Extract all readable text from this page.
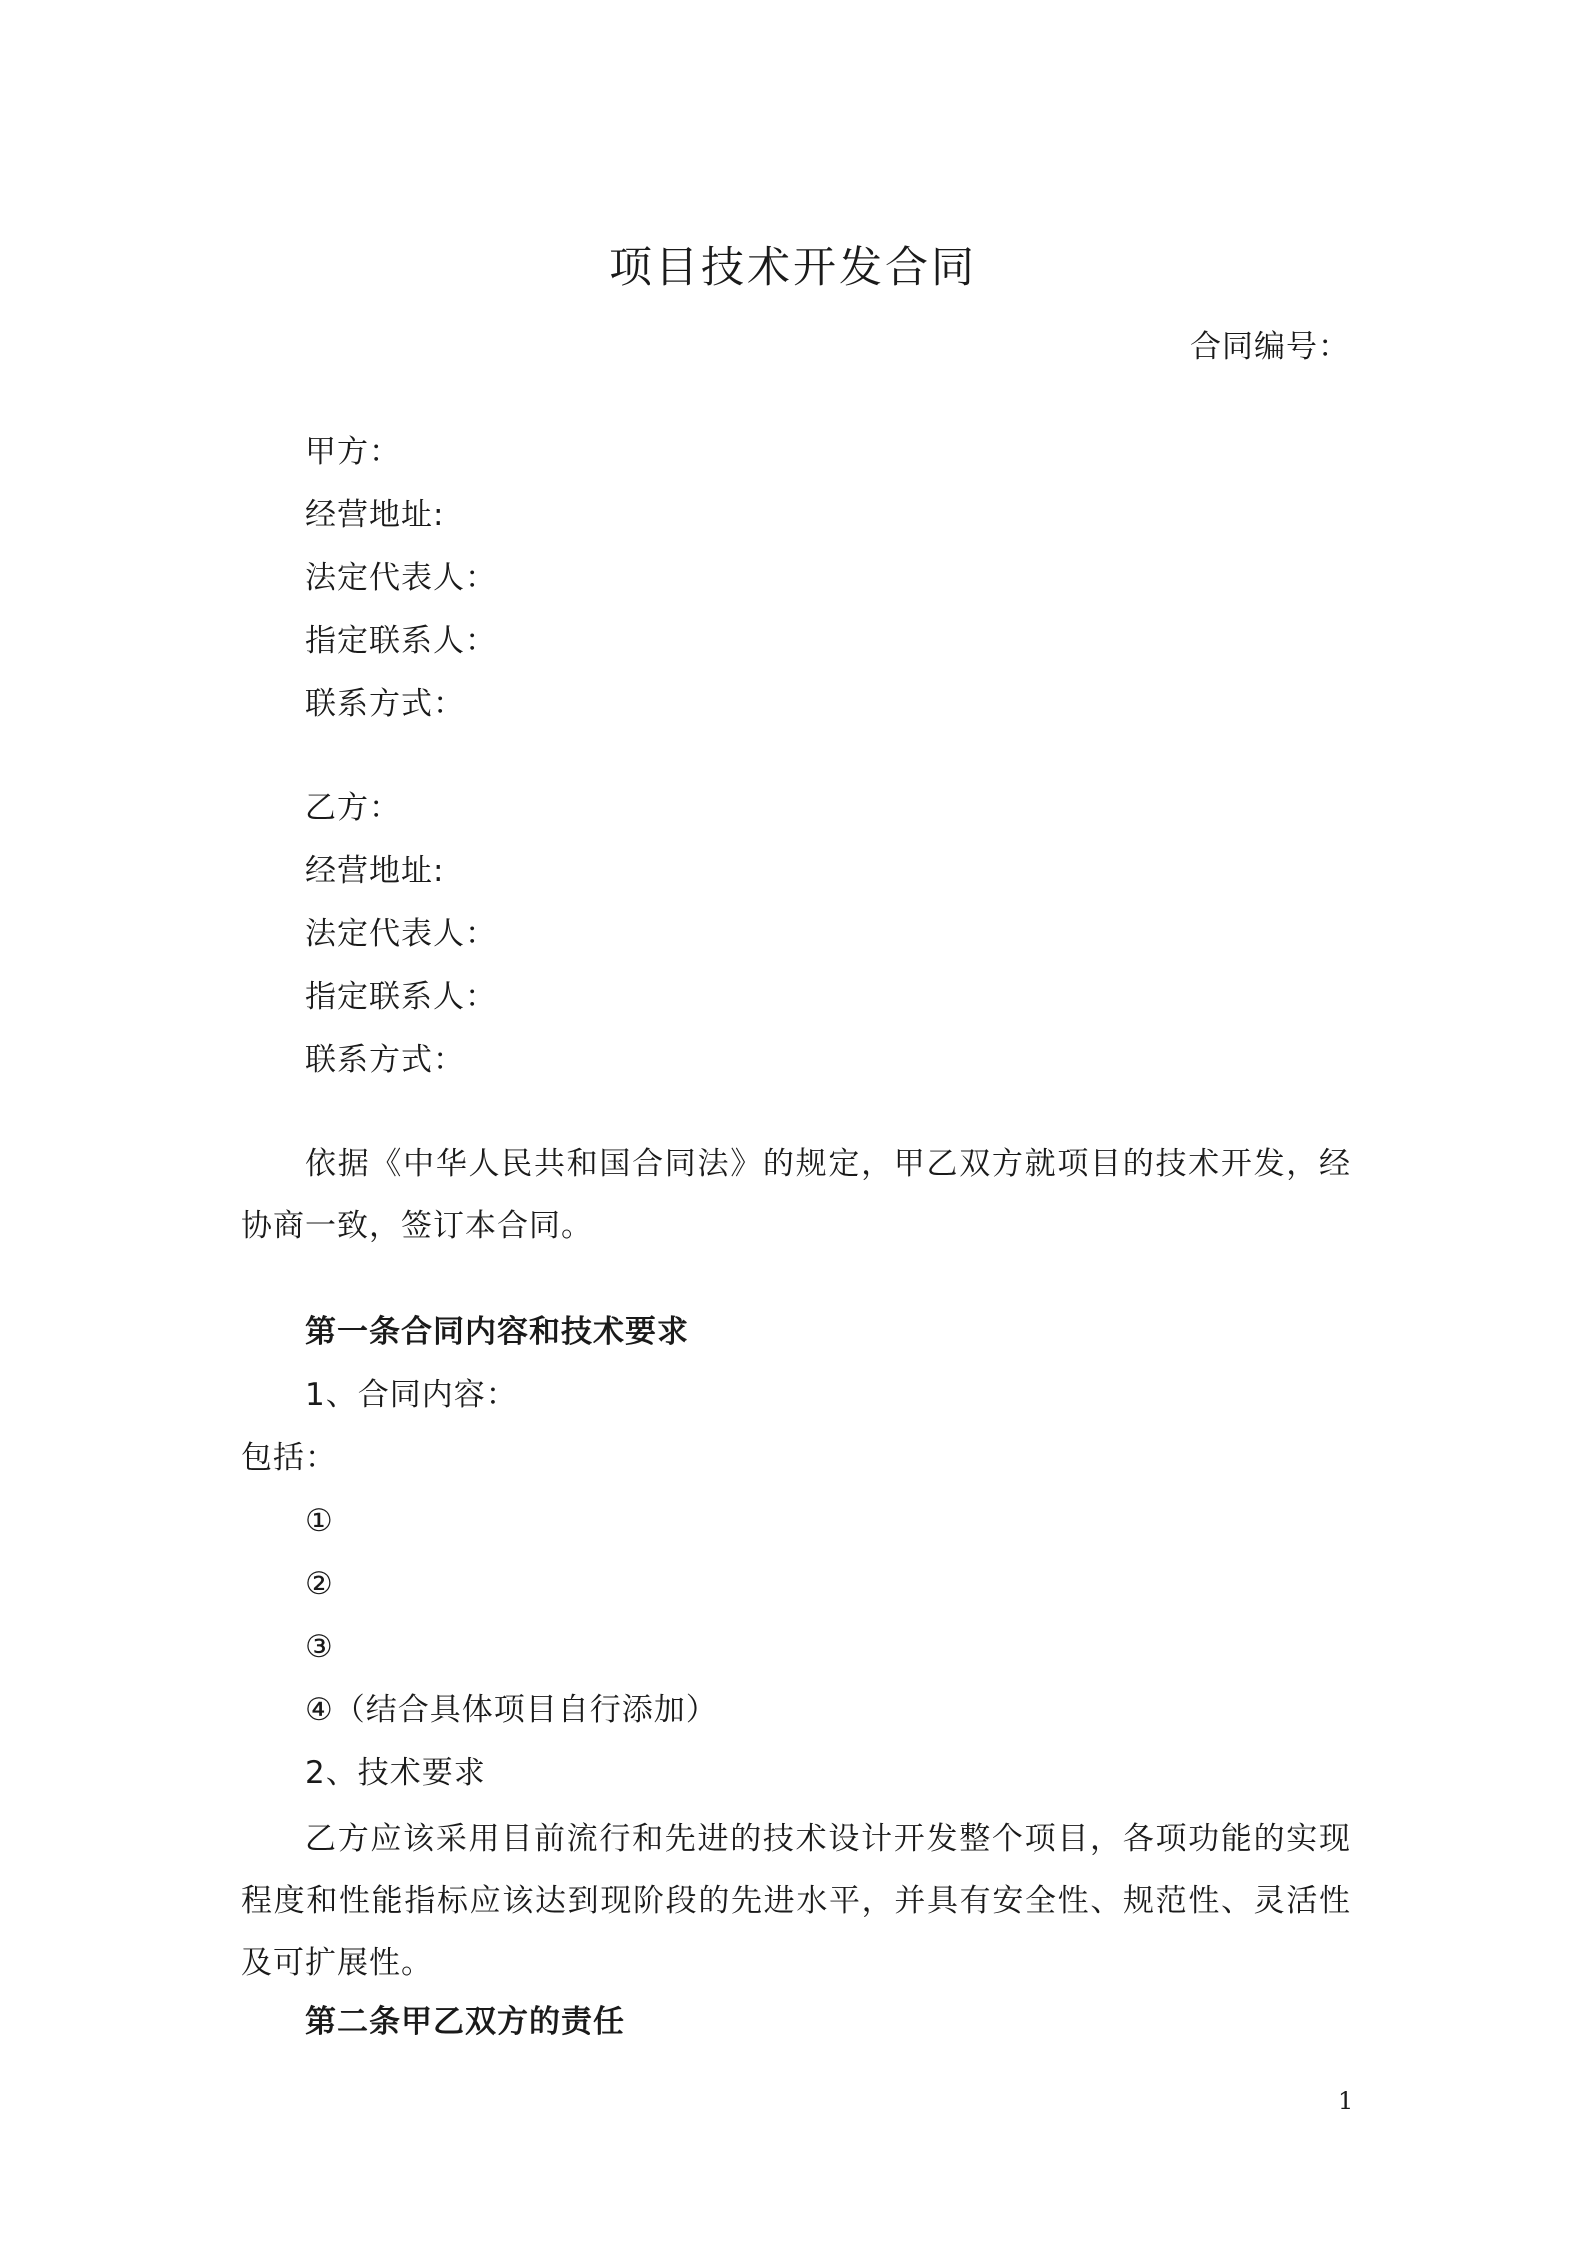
项目技术开发合同
合同编号：
甲方：
经营地址:
法定代表人：
指定联系人：
联系方式：
乙方：
经营地址:
法定代表人：
指定联系人：
联系方式：
依据《中华人民共和国合同法》的规定，甲乙双方就项目的技术开发，经协商一致，签订本合同。
第一条合同内容和技术要求
1、合同内容：
包括：
①
②
③
④（结合具体项目自行添加）
2、技术要求
乙方应该采用目前流行和先进的技术设计开发整个项目，各项功能的实现程度和性能指标应该达到现阶段的先进水平，并具有安全性、规范性、灵活性及可扩展性。
第二条甲乙双方的责任
1
